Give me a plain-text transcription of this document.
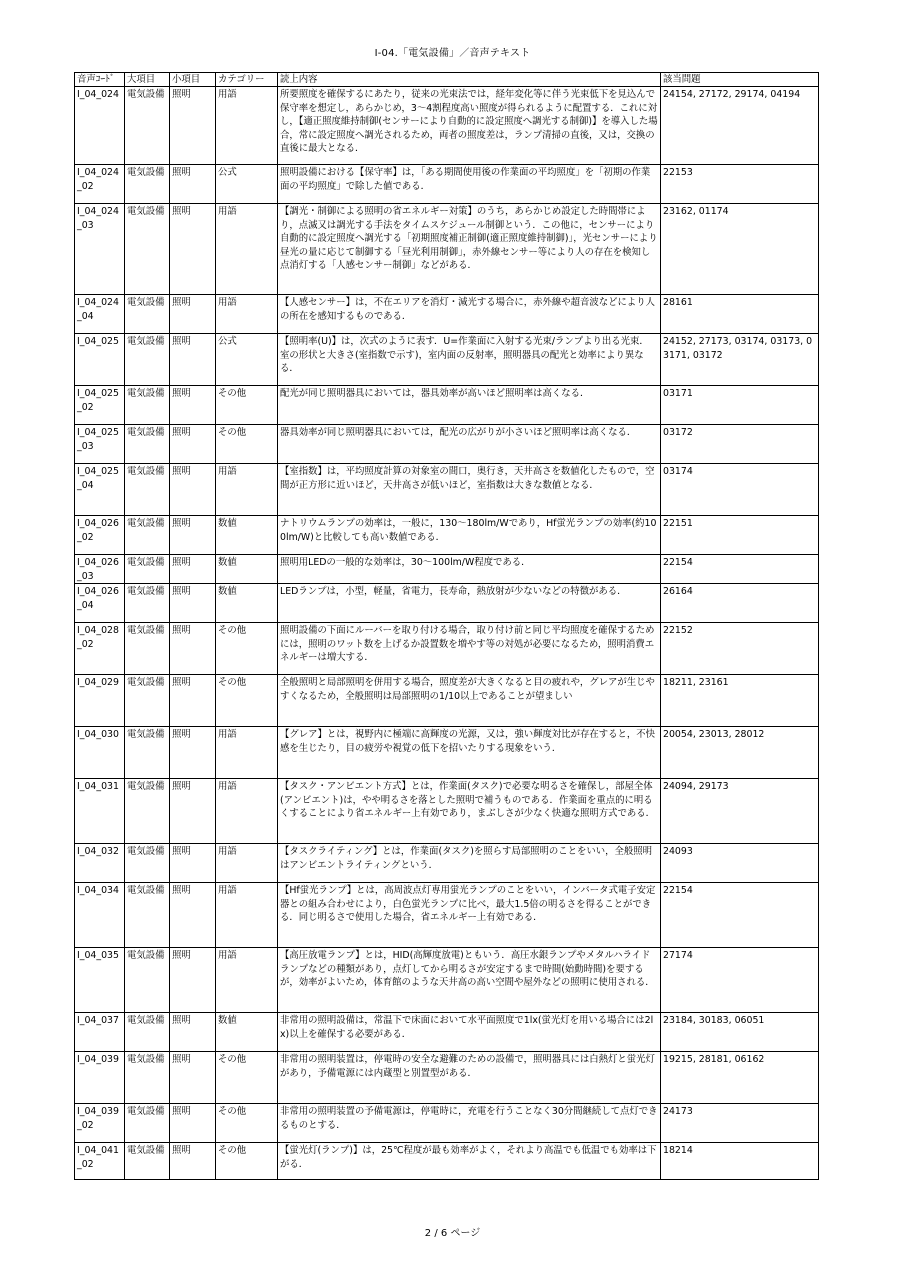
I-04.「電気設備」／音声テキスト
音声ｺｰﾄﾞ	大項目	小項目	カテゴリー	読上内容	該当問題
I_04_024	電気設備	照明	用語	所要照度を確保するにあたり，従来の光束法では，経年変化等に伴う光束低下を見込んで保守率を想定し，あらかじめ，3～4割程度高い照度が得られるように配置する．これに対し，【適正照度維持制御(センサーにより自動的に設定照度へ調光する制御)】を導入した場合，常に設定照度へ調光されるため，両者の照度差は，ランプ清掃の直後，又は，交換の直後に最大となる．	24154, 27172, 29174, 04194
I_04_024_02	電気設備	照明	公式	照明設備における【保守率】は，「ある期間使用後の作業面の平均照度」を「初期の作業面の平均照度」で除した値である．	22153
I_04_024_03	電気設備	照明	用語	【調光・制御による照明の省エネルギー対策】のうち，あらかじめ設定した時間帯により，点滅又は調光する手法をタイムスケジュール制御という．この他に，センサーにより自動的に設定照度へ調光する「初期照度補正制御(適正照度維持制御)」，光センサーにより昼光の量に応じて制御する「昼光利用制御」，赤外線センサー等により人の存在を検知し点消灯する「人感センサー制御」などがある．	23162, 01174
I_04_024_04	電気設備	照明	用語	【人感センサー】は，不在エリアを消灯・減光する場合に，赤外線や超音波などにより人の所在を感知するものである．	28161
I_04_025	電気設備	照明	公式	【照明率(U)】は，次式のように表す．U=作業面に入射する光束/ランプより出る光束．室の形状と大きさ(室指数で示す)，室内面の反射率，照明器具の配光と効率により異なる．	24152, 27173, 03174, 03173, 03171, 03172
I_04_025_02	電気設備	照明	その他	配光が同じ照明器具においては，器具効率が高いほど照明率は高くなる．	03171
I_04_025_03	電気設備	照明	その他	器具効率が同じ照明器具においては，配光の広がりが小さいほど照明率は高くなる．	03172
I_04_025_04	電気設備	照明	用語	【室指数】は，平均照度計算の対象室の間口，奥行き，天井高さを数値化したもので，空間が正方形に近いほど，天井高さが低いほど，室指数は大きな数値となる．	03174
I_04_026_02	電気設備	照明	数値	ナトリウムランプの効率は，一般に，130～180lm/Wであり，Hf蛍光ランプの効率(約100lm/W)と比較しても高い数値である．	22151
I_04_026_03	電気設備	照明	数値	照明用LEDの一般的な効率は，30～100lm/W程度である．	22154
I_04_026_04	電気設備	照明	数値	LEDランプは，小型，軽量，省電力，長寿命，熱放射が少ないなどの特徴がある．	26164
I_04_028_02	電気設備	照明	その他	照明設備の下面にルーバーを取り付ける場合，取り付け前と同じ平均照度を確保するためには，照明のワット数を上げるか設置数を増やす等の対処が必要になるため，照明消費エネルギーは増大する．	22152
I_04_029	電気設備	照明	その他	全般照明と局部照明を併用する場合，照度差が大きくなると目の疲れや，グレアが生じやすくなるため，全般照明は局部照明の1/10以上であることが望ましい	18211, 23161
I_04_030	電気設備	照明	用語	【グレア】とは，視野内に極端に高輝度の光源，又は，強い輝度対比が存在すると，不快感を生じたり，目の疲労や視覚の低下を招いたりする現象をいう．	20054, 23013, 28012
I_04_031	電気設備	照明	用語	【タスク・アンビエント方式】とは，作業面(タスク)で必要な明るさを確保し，部屋全体(アンビエント)は，やや明るさを落とした照明で補うものである．作業面を重点的に明るくすることにより省エネルギー上有効であり，まぶしさが少なく快適な照明方式である．	24094, 29173
I_04_032	電気設備	照明	用語	【タスクライティング】とは，作業面(タスク)を照らす局部照明のことをいい，全般照明はアンビエントライティングという．	24093
I_04_034	電気設備	照明	用語	【Hf蛍光ランプ】とは，高周波点灯専用蛍光ランプのことをいい，インバータ式電子安定器との組み合わせにより，白色蛍光ランプに比べ，最大1.5倍の明るさを得ることができる．同じ明るさで使用した場合，省エネルギー上有効である．	22154
I_04_035	電気設備	照明	用語	【高圧放電ランプ】とは，HID(高輝度放電)ともいう．高圧水銀ランプやメタルハライドランプなどの種類があり，点灯してから明るさが安定するまで時間(始動時間)を要するが，効率がよいため，体育館のような天井高の高い空間や屋外などの照明に使用される．	27174
I_04_037	電気設備	照明	数値	非常用の照明設備は，常温下で床面において水平面照度で1lx(蛍光灯を用いる場合には2lx)以上を確保する必要がある．	23184, 30183, 06051
I_04_039	電気設備	照明	その他	非常用の照明装置は，停電時の安全な避難のための設備で，照明器具には白熱灯と蛍光灯があり，予備電源には内蔵型と別置型がある．	19215, 28181, 06162
I_04_039_02	電気設備	照明	その他	非常用の照明装置の予備電源は，停電時に，充電を行うことなく30分間継続して点灯できるものとする．	24173
I_04_041_02	電気設備	照明	その他	【蛍光灯(ランプ)】は，25℃程度が最も効率がよく，それより高温でも低温でも効率は下がる．	18214
2 / 6 ページ
